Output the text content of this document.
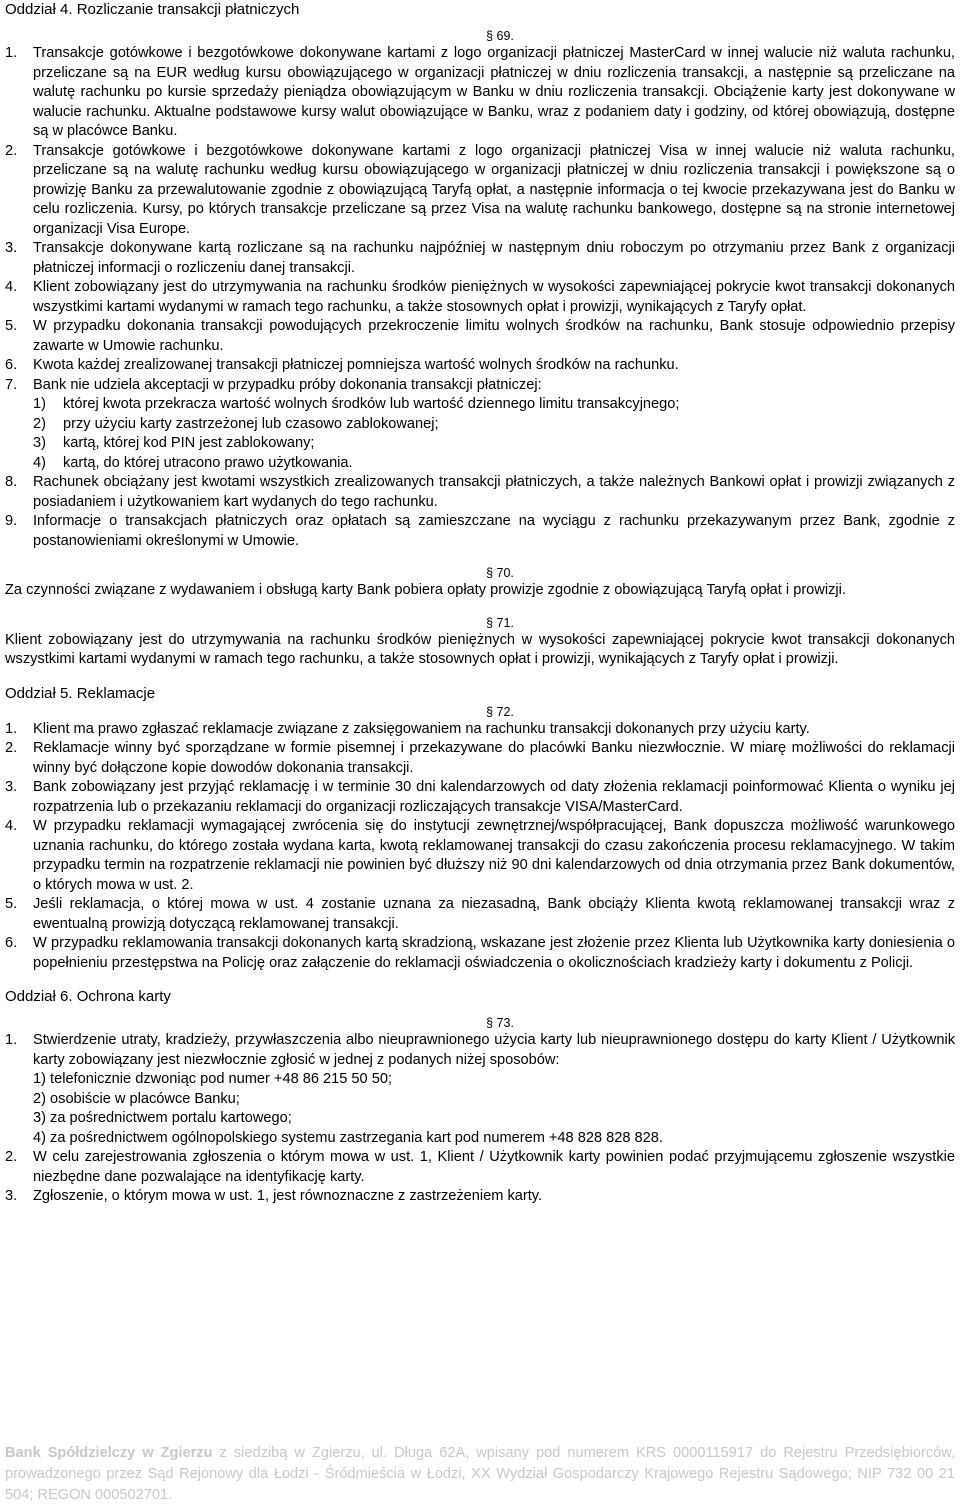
Oddział 4. Rozliczanie transakcji płatniczych

§ 69.

1. Transakcje gotówkowe i bezgotówkowe dokonywane kartami z logo organizacji płatniczej MasterCard w innej walucie niż waluta rachunku, przeliczane są na EUR według kursu obowiązującego w organizacji płatniczej w dniu rozliczenia transakcji, a następnie są przeliczane na walutę rachunku po kursie sprzedaży pieniądza obowiązującym w Banku w dniu rozliczenia transakcji. Obciążenie karty jest dokonywane w walucie rachunku. Aktualne podstawowe kursy walut obowiązujące w Banku, wraz z podaniem daty i godziny, od której obowiązują, dostępne są w placówce Banku.

2. Transakcje gotówkowe i bezgotówkowe dokonywane kartami z logo organizacji płatniczej Visa w innej walucie niż waluta rachunku, przeliczane są na walutę rachunku według kursu obowiązującego w organizacji płatniczej w dniu rozliczenia transakcji i powiększone są o prowizję Banku za przewalutowanie zgodnie z obowiązującą Taryfą opłat, a następnie informacja o tej kwocie przekazywana jest do Banku w celu rozliczenia. Kursy, po których transakcje przeliczane są przez Visa na walutę rachunku bankowego, dostępne są na stronie internetowej organizacji Visa Europe.

3. Transakcje dokonywane kartą rozliczane są na rachunku najpóźniej w następnym dniu roboczym po otrzymaniu przez Bank z organizacji płatniczej informacji o rozliczeniu danej transakcji.

4. Klient zobowiązany jest do utrzymywania na rachunku środków pieniężnych w wysokości zapewniającej pokrycie kwot transakcji dokonanych wszystkimi kartami wydanymi w ramach tego rachunku, a także stosownych opłat i prowizji, wynikających z Taryfy opłat.

5. W przypadku dokonania transakcji powodujących przekroczenie limitu wolnych środków na rachunku, Bank stosuje odpowiednio przepisy zawarte w Umowie rachunku.

6. Kwota każdej zrealizowanej transakcji płatniczej pomniejsza wartość wolnych środków na rachunku.

7. Bank nie udziela akceptacji w przypadku próby dokonania transakcji płatniczej:

1) której kwota przekracza wartość wolnych środków lub wartość dziennego limitu transakcyjnego;

2) przy użyciu karty zastrzeżonej lub czasowo zablokowanej;

3) kartą, której kod PIN jest zablokowany;

4) kartą, do której utracono prawo użytkowania.

8. Rachunek obciążany jest kwotami wszystkich zrealizowanych transakcji płatniczych, a także należnych Bankowi opłat i prowizji związanych z posiadaniem i użytkowaniem kart wydanych do tego rachunku.

9. Informacje o transakcjach płatniczych oraz opłatach są zamieszczane na wyciągu z rachunku przekazywanym przez Bank, zgodnie z postanowieniami określonymi w Umowie.

§ 70.

Za czynności związane z wydawaniem i obsługą karty Bank pobiera opłaty prowizje zgodnie z obowiązującą Taryfą opłat i prowizji.

§ 71.

Klient zobowiązany jest do utrzymywania na rachunku środków pieniężnych w wysokości zapewniającej pokrycie kwot transakcji dokonanych wszystkimi kartami wydanymi w ramach tego rachunku, a także stosownych opłat i prowizji, wynikających z Taryfy opłat i prowizji.

Oddział 5. Reklamacje

§ 72.

1. Klient ma prawo zgłaszać reklamacje związane z zaksięgowaniem na rachunku transakcji dokonanych przy użyciu karty.

2. Reklamacje winny być sporządzane w formie pisemnej i przekazywane do placówki Banku niezwłocznie. W miarę możliwości do reklamacji winny być dołączone kopie dowodów dokonania transakcji.

3. Bank zobowiązany jest przyjąć reklamację i w terminie 30 dni kalendarzowych od daty złożenia reklamacji poinformować Klienta o wyniku jej rozpatrzenia lub o przekazaniu reklamacji do organizacji rozliczających transakcje VISA/MasterCard.

4. W przypadku reklamacji wymagającej zwrócenia się do instytucji zewnętrznej/współpracującej, Bank dopuszcza możliwość warunkowego uznania rachunku, do którego została wydana karta, kwotą reklamowanej transakcji do czasu zakończenia procesu reklamacyjnego. W takim przypadku termin na rozpatrzenie reklamacji nie powinien być dłuższy niż 90 dni kalendarzowych od dnia otrzymania przez Bank dokumentów, o których mowa w ust. 2.

5. Jeśli reklamacja, o której mowa w ust. 4 zostanie uznana za niezasadną, Bank obciąży Klienta kwotą reklamowanej transakcji wraz z ewentualną prowizją dotyczącą reklamowanej transakcji.

6. W przypadku reklamowania transakcji dokonanych kartą skradzioną, wskazane jest złożenie przez Klienta lub Użytkownika karty doniesienia o popełnieniu przestępstwa na Policję oraz załączenie do reklamacji oświadczenia o okolicznościach kradzieży karty i dokumentu z Policji.

Oddział 6. Ochrona karty

§ 73.

1. Stwierdzenie utraty, kradzieży, przywłaszczenia albo nieuprawnionego użycia karty lub nieuprawnionego dostępu do karty Klient / Użytkownik karty zobowiązany jest niezwłocznie zgłosić w jednej z podanych niżej sposobów:

1) telefonicznie dzwoniąc pod numer +48 86 215 50 50;

2) osobiście w placówce Banku;

3) za pośrednictwem portalu kartowego;

4) za pośrednictwem ogólnopolskiego systemu zastrzegania kart pod numerem +48 828 828 828.

2. W celu zarejestrowania zgłoszenia o którym mowa w ust. 1, Klient / Użytkownik karty powinien podać przyjmującemu zgłoszenie wszystkie niezbędne dane pozwalające na identyfikację karty.

3. Zgłoszenie, o którym mowa w ust. 1, jest równoznaczne z zastrzeżeniem karty.

Bank Spółdzielczy w Zgierzu z siedzibą w Zgierzu, ul. Długa 62A, wpisany pod numerem KRS 0000115917 do Rejestru Przedsiębiorców, prowadzonego przez Sąd Rejonowy dla Łodzi - Śródmieścia w Łodzi, XX Wydział Gospodarczy Krajowego Rejestru Sądowego; NIP 732 00 21 504; REGON 000502701.
